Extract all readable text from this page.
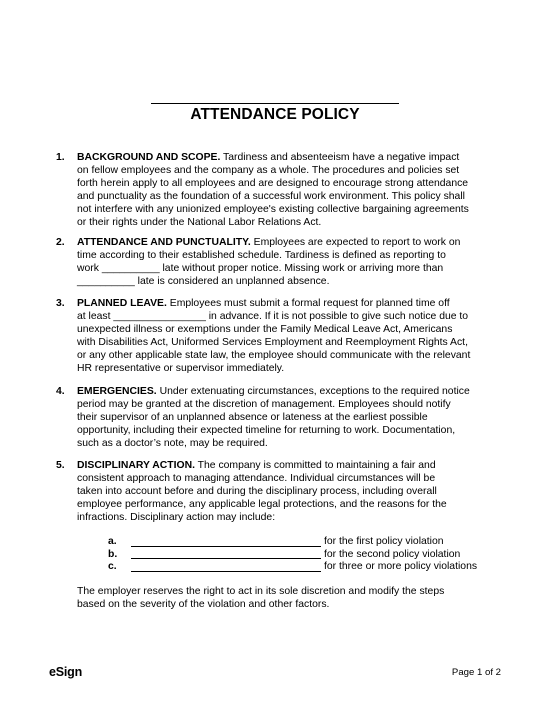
ATTENDANCE POLICY
1. BACKGROUND AND SCOPE. Tardiness and absenteeism have a negative impact
on fellow employees and the company as a whole. The procedures and policies set
forth herein apply to all employees and are designed to encourage strong attendance
and punctuality as the foundation of a successful work environment. This policy shall
not interfere with any unionized employee's existing collective bargaining agreements
or their rights under the National Labor Relations Act.
2. ATTENDANCE AND PUNCTUALITY. Employees are expected to report to work on
time according to their established schedule. Tardiness is defined as reporting to
work __________ late without proper notice. Missing work or arriving more than
__________ late is considered an unplanned absence.
3. PLANNED LEAVE. Employees must submit a formal request for planned time off
at least ________________ in advance. If it is not possible to give such notice due to
unexpected illness or exemptions under the Family Medical Leave Act, Americans
with Disabilities Act, Uniformed Services Employment and Reemployment Rights Act,
or any other applicable state law, the employee should communicate with the relevant
HR representative or supervisor immediately.
4. EMERGENCIES. Under extenuating circumstances, exceptions to the required notice
period may be granted at the discretion of management. Employees should notify
their supervisor of an unplanned absence or lateness at the earliest possible
opportunity, including their expected timeline for returning to work. Documentation,
such as a doctor’s note, may be required.
5. DISCIPLINARY ACTION. The company is committed to maintaining a fair and
consistent approach to managing attendance. Individual circumstances will be
taken into account before and during the disciplinary process, including overall
employee performance, any applicable legal protections, and the reasons for the
infractions. Disciplinary action may include:
a.	for the first policy violation
b.	for the second policy violation
c.	for three or more policy violations
The employer reserves the right to act in its sole discretion and modify the steps
based on the severity of the violation and other factors.
eSign	Page 1 of 2
